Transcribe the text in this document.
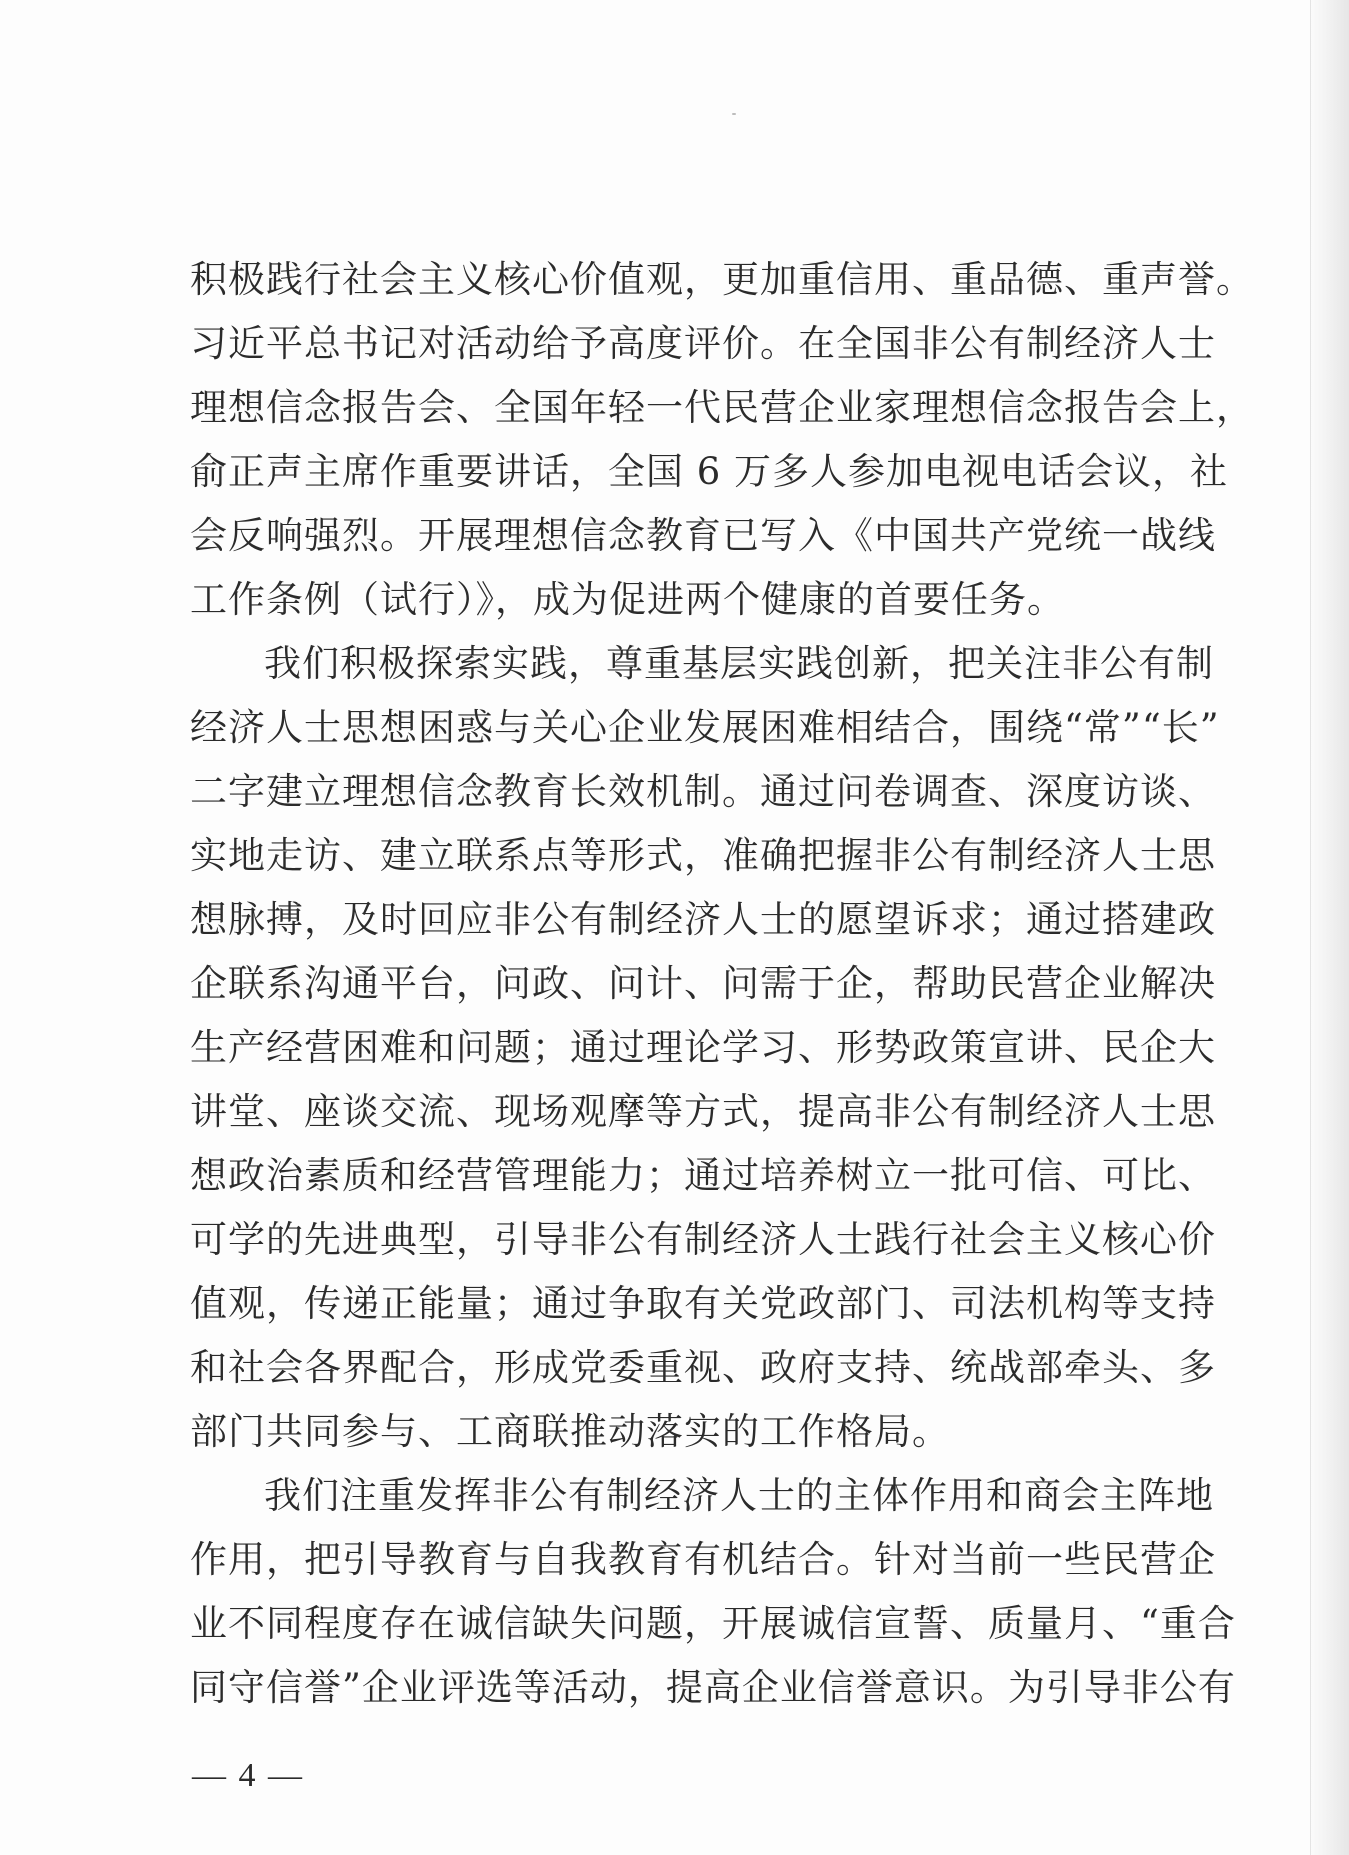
积极践行社会主义核心价值观，更加重信用、重品德、重声誉。
习近平总书记对活动给予高度评价。在全国非公有制经济人士
理想信念报告会、全国年轻一代民营企业家理想信念报告会上，
俞正声主席作重要讲话，全国 6 万多人参加电视电话会议，社
会反响强烈。开展理想信念教育已写入《中国共产党统一战线
工作条例（试行）》，成为促进两个健康的首要任务。
我们积极探索实践，尊重基层实践创新，把关注非公有制
经济人士思想困惑与关心企业发展困难相结合，围绕“常”“长”
二字建立理想信念教育长效机制。通过问卷调查、深度访谈、
实地走访、建立联系点等形式，准确把握非公有制经济人士思
想脉搏，及时回应非公有制经济人士的愿望诉求；通过搭建政
企联系沟通平台，问政、问计、问需于企，帮助民营企业解决
生产经营困难和问题；通过理论学习、形势政策宣讲、民企大
讲堂、座谈交流、现场观摩等方式，提高非公有制经济人士思
想政治素质和经营管理能力；通过培养树立一批可信、可比、
可学的先进典型，引导非公有制经济人士践行社会主义核心价
值观，传递正能量；通过争取有关党政部门、司法机构等支持
和社会各界配合，形成党委重视、政府支持、统战部牵头、多
部门共同参与、工商联推动落实的工作格局。
我们注重发挥非公有制经济人士的主体作用和商会主阵地
作用，把引导教育与自我教育有机结合。针对当前一些民营企
业不同程度存在诚信缺失问题，开展诚信宣誓、质量月、“重合
同守信誉”企业评选等活动，提高企业信誉意识。为引导非公有
— 4 —
